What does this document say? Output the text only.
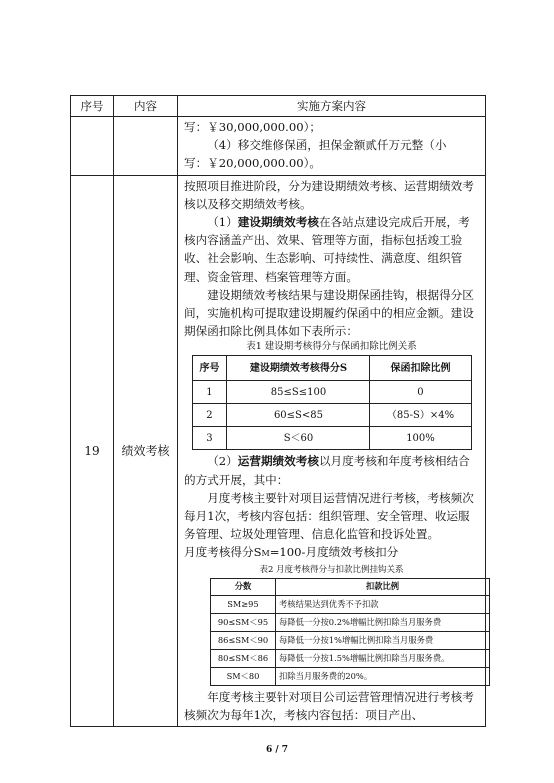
序号	内容	实施方案内容

写：￥30,000,000.00）；
（4）移交维修保函，担保金额贰仟万元整（小
写：￥20,000,000.00）。

19	绩效考核	
按照项目推进阶段，分为建设期绩效考核、运营期绩效考核以及移交期绩效考核。
（1）建设期绩效考核在各站点建设完成后开展，考核内容涵盖产出、效果、管理等方面，指标包括竣工验收、社会影响、生态影响、可持续性、满意度、组织管理、资金管理、档案管理等方面。
建设期绩效考核结果与建设期保函挂钩，根据得分区间，实施机构可提取建设期履约保函中的相应金额。建设期保函扣除比例具体如下表所示：

表1 建设期考核得分与保函扣除比例关系

序号	建设期绩效考核得分S	保函扣除比例
1	85≤S≤100	0
2	60≤S<85	（85-S）×4%
3	S＜60	100%
（2）运营期绩效考核以月度考核和年度考核相结合的方式开展，其中：
月度考核主要针对项目运营情况进行考核，考核频次每月1次，考核内容包括：组织管理、安全管理、收运服务管理、垃圾处理管理、信息化监管和投诉处置。
月度考核得分SM=100-月度绩效考核扣分

表2 月度考核得分与扣款比例挂钩关系

分数	扣款比例
SM≥95	考核结果达到优秀不予扣款
90≤SM＜95	每降低一分按0.2%增幅比例扣除当月服务费
86≤SM＜90	每降低一分按1%增幅比例扣除当月服务费
80≤SM＜86	每降低一分按1.5%增幅比例扣除当月服务费。
SM＜80	扣除当月服务费的20%。
年度考核主要针对项目公司运营管理情况进行考核考核频次为每年1次，考核内容包括：项目产出、
6 / 7
